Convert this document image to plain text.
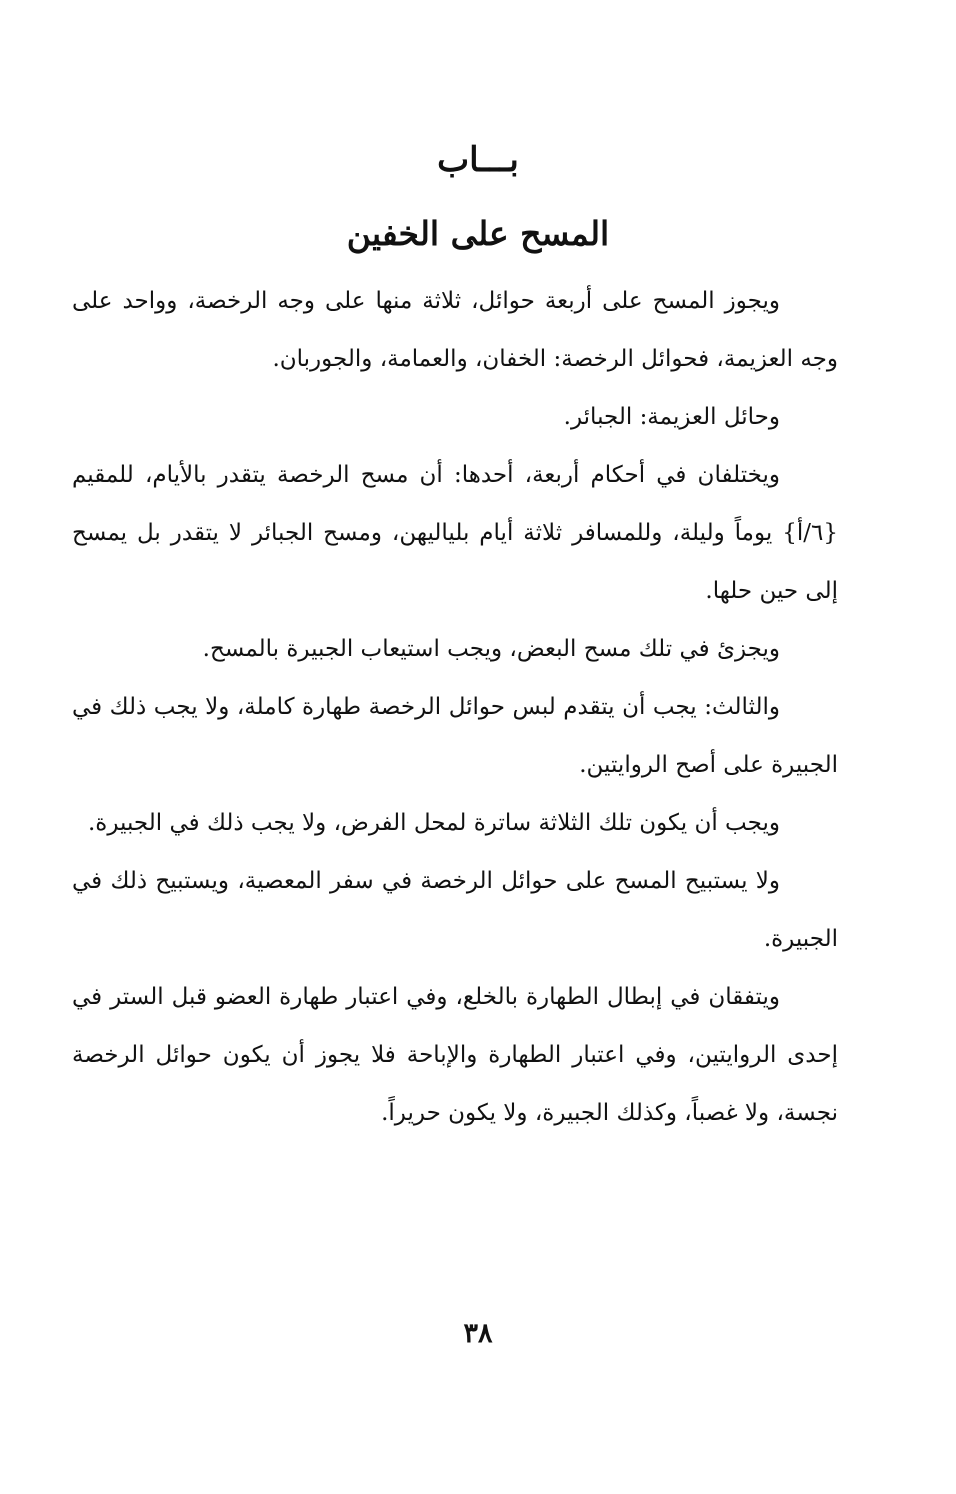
بـــاب
المسح على الخفين

ويجوز المسح على أربعة حوائل، ثلاثة منها على وجه الرخصة، وواحد على وجه العزيمة، فحوائل الرخصة: الخفان، والعمامة، والجوربان.

وحائل العزيمة: الجبائر.

ويختلفان في أحكام أربعة، أحدها: أن مسح الرخصة يتقدر بالأيام، للمقيم {٦/أ} يوماً وليلة، وللمسافر ثلاثة أيام بلياليهن، ومسح الجبائر لا يتقدر بل يمسح إلى حين حلها.

ويجزئ في تلك مسح البعض، ويجب استيعاب الجبيرة بالمسح.

والثالث: يجب أن يتقدم لبس حوائل الرخصة طهارة كاملة، ولا يجب ذلك في الجبيرة على أصح الروايتين.

ويجب أن يكون تلك الثلاثة ساترة لمحل الفرض، ولا يجب ذلك في الجبيرة.

ولا يستبيح المسح على حوائل الرخصة في سفر المعصية، ويستبيح ذلك في الجبيرة.

ويتفقان في إبطال الطهارة بالخلع، وفي اعتبار طهارة العضو قبل الستر في إحدى الروايتين، وفي اعتبار الطهارة والإباحة فلا يجوز أن يكون حوائل الرخصة نجسة، ولا غصباً، وكذلك الجبيرة، ولا يكون حريراً.

٣٨
